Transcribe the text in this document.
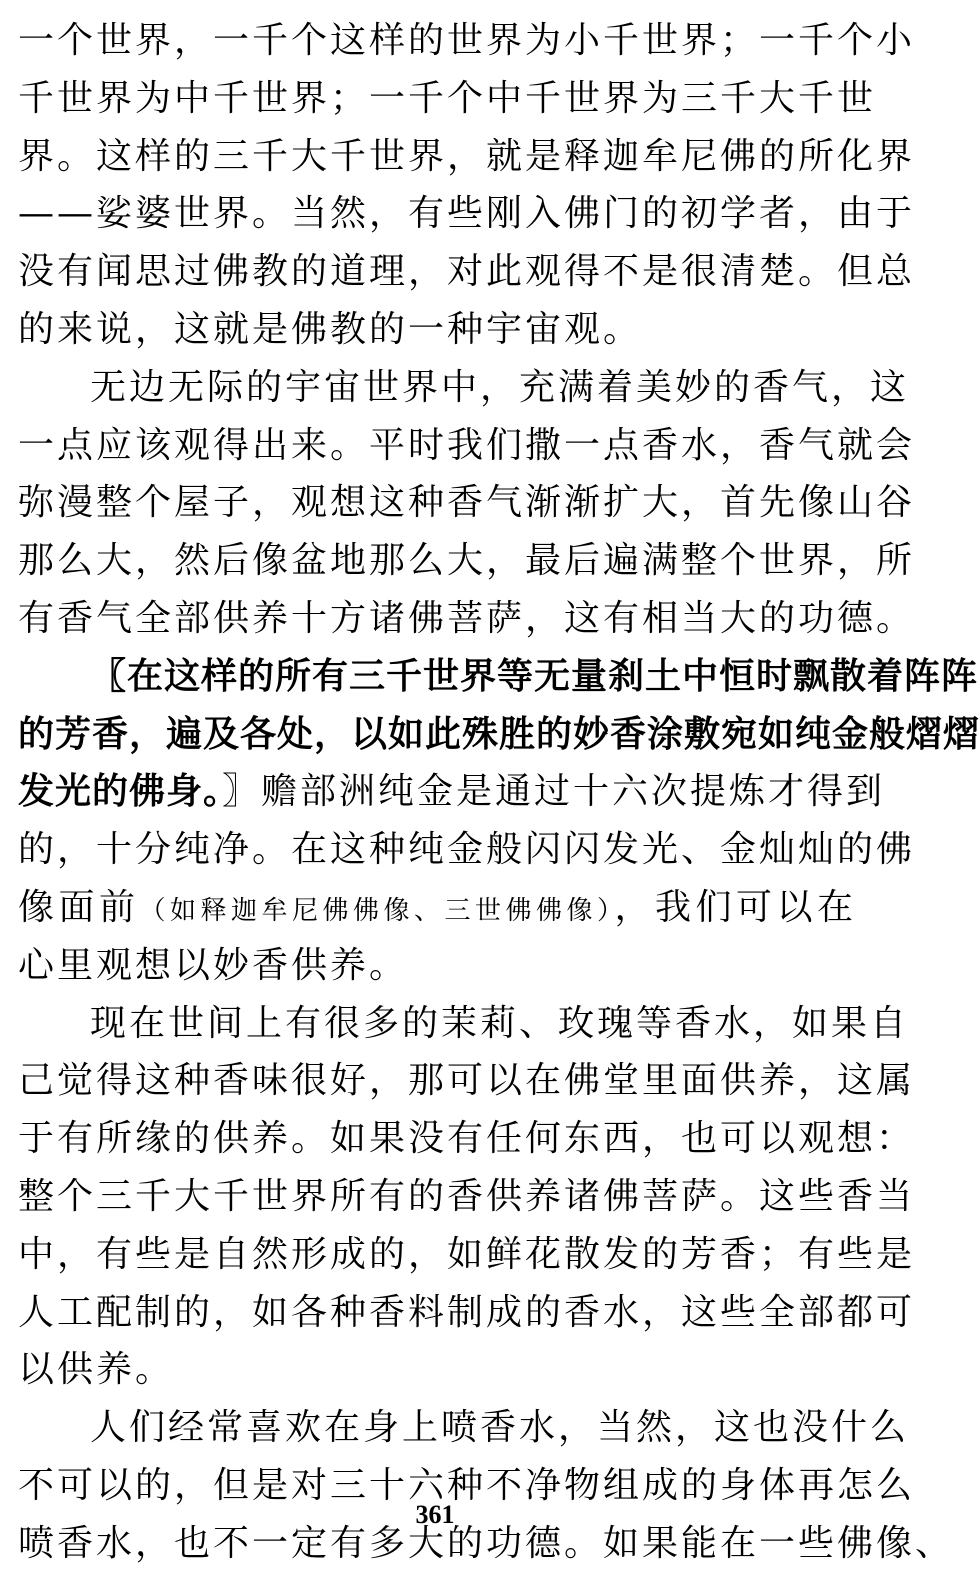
一个世界，一千个这样的世界为小千世界；一千个小
千世界为中千世界；一千个中千世界为三千大千世
界。这样的三千大千世界，就是释迦牟尼佛的所化界
——娑婆世界。当然，有些刚入佛门的初学者，由于
没有闻思过佛教的道理，对此观得不是很清楚。但总
的来说，这就是佛教的一种宇宙观。
无边无际的宇宙世界中，充满着美妙的香气，这
一点应该观得出来。平时我们撒一点香水，香气就会
弥漫整个屋子，观想这种香气渐渐扩大，首先像山谷
那么大，然后像盆地那么大，最后遍满整个世界，所
有香气全部供养十方诸佛菩萨，这有相当大的功德。
〖在这样的所有三千世界等无量刹土中恒时飘散着阵阵
的芳香，遍及各处，以如此殊胜的妙香涂敷宛如纯金般熠熠
发光的佛身。〗赡部洲纯金是通过十六次提炼才得到
的，十分纯净。在这种纯金般闪闪发光、金灿灿的佛
像面前（如释迦牟尼佛佛像、三世佛佛像），我们可以在
心里观想以妙香供养。
现在世间上有很多的茉莉、玫瑰等香水，如果自
己觉得这种香味很好，那可以在佛堂里面供养，这属
于有所缘的供养。如果没有任何东西，也可以观想：
整个三千大千世界所有的香供养诸佛菩萨。这些香当
中，有些是自然形成的，如鲜花散发的芳香；有些是
人工配制的，如各种香料制成的香水，这些全部都可
以供养。
人们经常喜欢在身上喷香水，当然，这也没什么
不可以的，但是对三十六种不净物组成的身体再怎么
喷香水，也不一定有多大的功德。如果能在一些佛像、
361
